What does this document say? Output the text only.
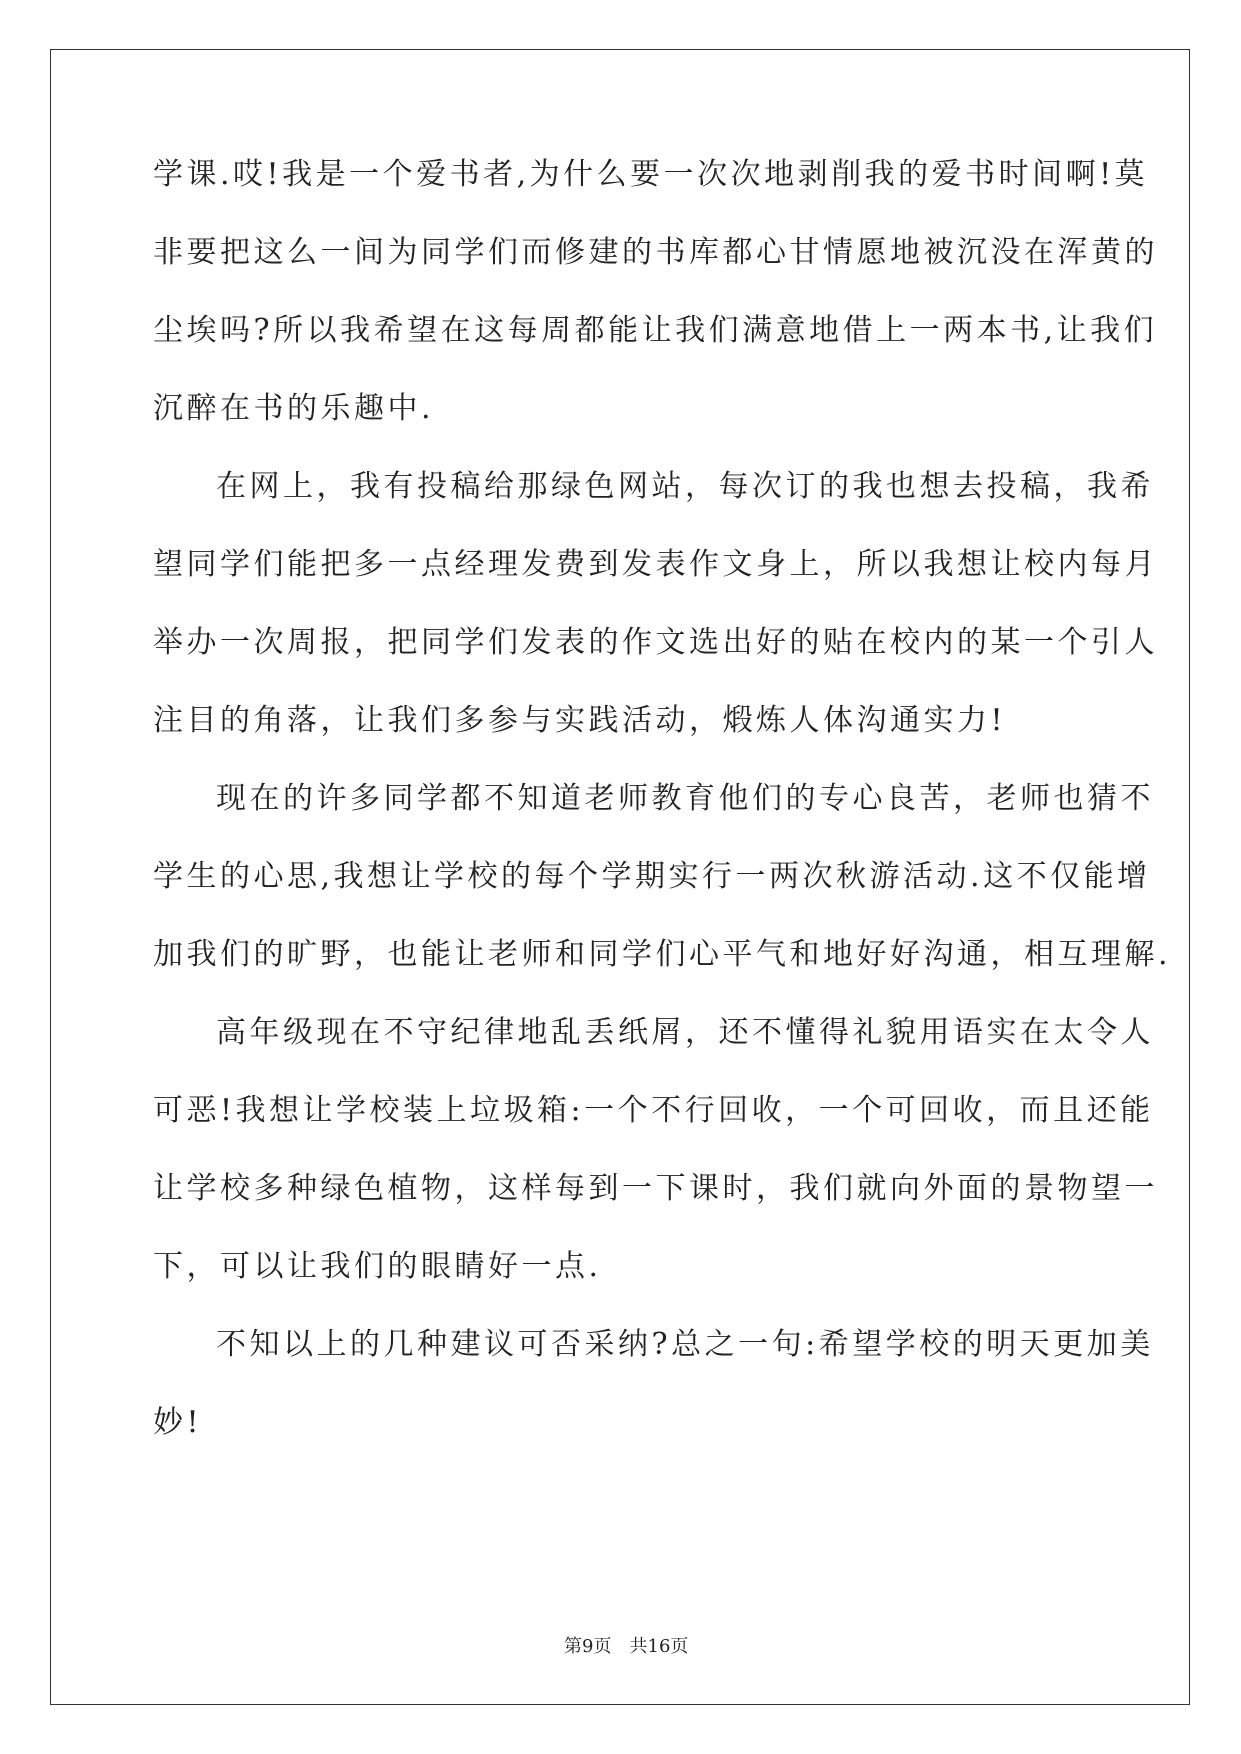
学课.哎!我是一个爱书者,为什么要一次次地剥削我的爱书时间啊!莫
非要把这么一间为同学们而修建的书库都心甘情愿地被沉没在浑黄的
尘埃吗?所以我希望在这每周都能让我们满意地借上一两本书,让我们
沉醉在书的乐趣中.
在网上，我有投稿给那绿色网站，每次订的我也想去投稿，我希
望同学们能把多一点经理发费到发表作文身上，所以我想让校内每月
举办一次周报，把同学们发表的作文选出好的贴在校内的某一个引人
注目的角落，让我们多参与实践活动，煅炼人体沟通实力!
现在的许多同学都不知道老师教育他们的专心良苦，老师也猜不
学生的心思,我想让学校的每个学期实行一两次秋游活动.这不仅能增
加我们的旷野，也能让老师和同学们心平气和地好好沟通，相互理解.
高年级现在不守纪律地乱丢纸屑，还不懂得礼貌用语实在太令人
可恶!我想让学校装上垃圾箱:一个不行回收，一个可回收，而且还能
让学校多种绿色植物，这样每到一下课时，我们就向外面的景物望一
下，可以让我们的眼睛好一点.
不知以上的几种建议可否采纳?总之一句:希望学校的明天更加美
妙!

第9页　共16页
